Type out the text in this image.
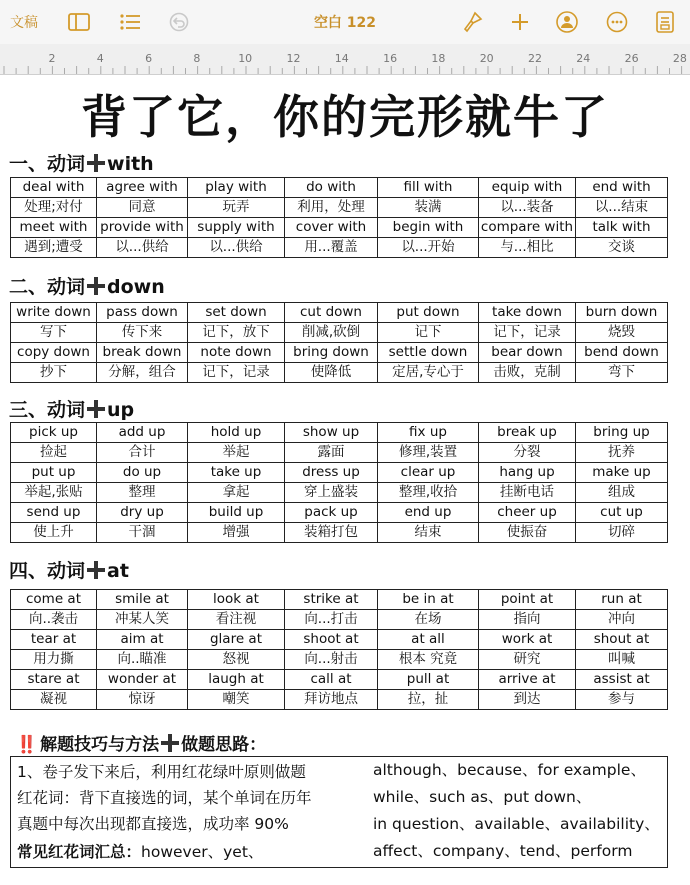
文稿	空白 122
2	4	6	8	10	12	14	16	18	20	22	24	26	28
背了它，你的完形就牛了
一、动词 with
deal with	agree with	play with	do with	fill with	equip with	end with
处理;对付	同意	玩弄	利用，处理	装满	以...装备	以...结束
meet with	provide with	supply with	cover with	begin with	compare with	talk with
遇到;遭受	以...供给	以...供给	用...覆盖	以...开始	与...相比	交谈
二、动词 down
write down	pass down	set down	cut down	put down	take down	burn down
写下	传下来	记下，放下	削减,砍倒	记下	记下，记录	烧毁
copy down	break down	note down	bring down	settle down	bear down	bend down
抄下	分解，组合	记下，记录	使降低	定居,专心于	击败，克制	弯下
三、动词 up
pick up	add up	hold up	show up	fix up	break up	bring up
捡起	合计	举起	露面	修理,装置	分裂	抚养
put up	do up	take up	dress up	clear up	hang up	make up
举起,张贴	整理	拿起	穿上盛装	整理,收拾	挂断电话	组成
send up	dry up	build up	pack up	end up	cheer up	cut up
使上升	干涸	增强	装箱打包	结束	使振奋	切碎
四、动词 at
come at	smile at	look at	strike at	be in at	point at	run at
向..袭击	冲某人笑	看注视	向...打击	在场	指向	冲向
tear at	aim at	glare at	shoot at	at all	work at	shout at
用力撕	向..瞄准	怒视	向...射击	根本 究竟	研究	叫喊
stare at	wonder at	laugh at	call at	pull at	arrive at	assist at
凝视	惊讶	嘲笑	拜访地点	拉，扯	到达	参与
‼️ 解题技巧与方法 做题思路：
1、卷子发下来后，利用红花绿叶原则做题
红花词：背下直接选的词，某个单词在历年
真题中每次出现都直接选，成功率 90%
常见红花词汇总：however、yet、
although、because、for example、
while、such as、put down、
in question、available、availability、
affect、company、tend、perform
